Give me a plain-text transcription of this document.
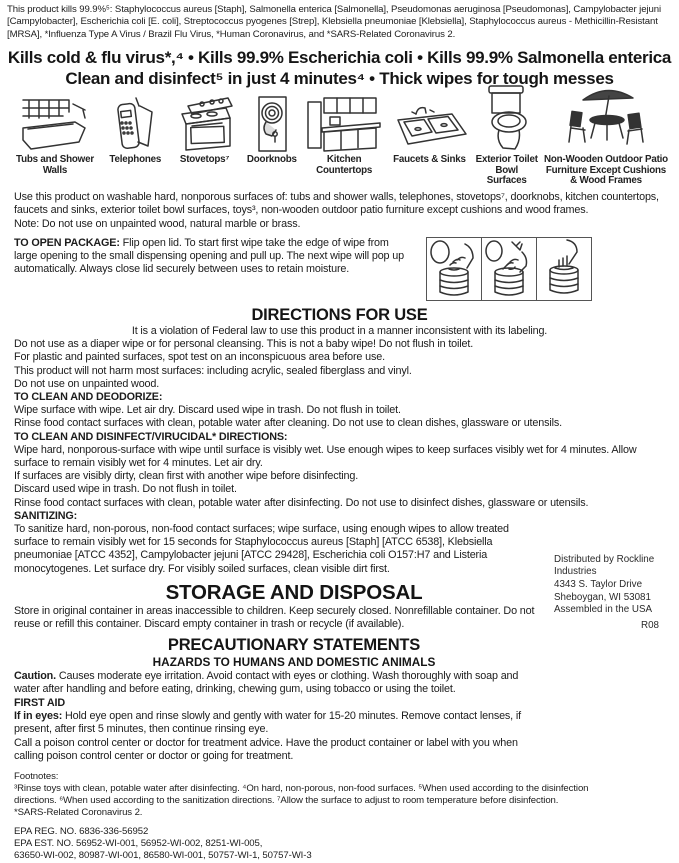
This product kills 99.9%⁵: Staphylococcus aureus [Staph], Salmonella enterica [Salmonella], Pseudomonas aeruginosa [Pseudomonas], Campylobacter jejuni [Campylobacter], Escherichia coli [E. coli], Streptococcus pyogenes [Strep], Klebsiella pneumoniae [Klebsiella], Staphylococcus aureus - Methicillin-Resistant [MRSA], *Influenza Type A Virus / Brazil Flu Virus, *Human Coronavirus, and *SARS-Related Coronavirus 2.
Kills cold & flu virus*,⁴ • Kills 99.9% Escherichia coli • Kills 99.9% Salmonella enterica
Clean and disinfect⁵ in just 4 minutes⁴ • Thick wipes for tough messes
Tubs and Shower Walls
Telephones Stovetops⁷ Doorknobs	Kitchen Countertops
Faucets & Sinks Exterior Toilet Bowl Surfaces
Non-Wooden Outdoor Patio Furniture Except Cushions & Wood Frames
Use this product on washable hard, nonporous surfaces of: tubs and shower walls, telephones, stovetops⁷, doorknobs, kitchen countertops, faucets and sinks, exterior toilet bowl surfaces, toys³, non-wooden outdoor patio furniture except cushions and wood frames.
Note: Do not use on unpainted wood, natural marble or brass.
TO OPEN PACKAGE: Flip open lid. To start first wipe take the edge of wipe from large opening to the small dispensing opening and pull up. The next wipe will pop up automatically. Always close lid securely between uses to retain moisture.
DIRECTIONS FOR USE
It is a violation of Federal law to use this product in a manner inconsistent with its labeling.
Do not use as a diaper wipe or for personal cleansing. This is not a baby wipe! Do not flush in toilet.
For plastic and painted surfaces, spot test on an inconspicuous area before use.
This product will not harm most surfaces: including acrylic, sealed fiberglass and vinyl.
Do not use on unpainted wood.
TO CLEAN AND DEODORIZE:
Wipe surface with wipe. Let air dry. Discard used wipe in trash. Do not flush in toilet.
Rinse food contact surfaces with clean, potable water after cleaning. Do not use to clean dishes, glassware or utensils.
TO CLEAN AND DISINFECT/VIRUCIDAL* DIRECTIONS:
Wipe hard, nonporous-surface with wipe until surface is visibly wet. Use enough wipes to keep surfaces visibly wet for 4 minutes. Allow surface to remain visibly wet for 4 minutes. Let air dry.
If surfaces are visibly dirty, clean first with another wipe before disinfecting.
Discard used wipe in trash. Do not flush in toilet.
Rinse food contact surfaces with clean, potable water after disinfecting. Do not use to disinfect dishes, glassware or utensils.
SANITIZING:
To sanitize hard, non-porous, non-food contact surfaces; wipe surface, using enough wipes to allow treated surface to remain visibly wet for 15 seconds for Staphylococcus aureus [Staph] [ATCC 6538], Klebsiella pneumoniae [ATCC 4352], Campylobacter jejuni [ATCC 29428], Escherichia coli O157:H7 and Listeria monocytogenes. Let surface dry. For visibly soiled surfaces, clean visible dirt first.
STORAGE AND DISPOSAL
Store in original container in areas inaccessible to children. Keep securely closed. Nonrefillable container. Do not reuse or refill this container. Discard empty container in trash or recycle (if available).
Distributed by Rockline Industries
4343 S. Taylor Drive
Sheboygan, WI 53081
Assembled in the USA
R08
PRECAUTIONARY STATEMENTS
HAZARDS TO HUMANS AND DOMESTIC ANIMALS
Caution. Causes moderate eye irritation. Avoid contact with eyes or clothing. Wash thoroughly with soap and water after handling and before eating, drinking, chewing gum, using tobacco or using the toilet.
FIRST AID
If in eyes: Hold eye open and rinse slowly and gently with water for 15-20 minutes. Remove contact lenses, if present, after first 5 minutes, then continue rinsing eye.
Call a poison control center or doctor for treatment advice. Have the product container or label with you when calling poison control center or doctor or going for treatment.
Footnotes:
³Rinse toys with clean, potable water after disinfecting. ⁴On hard, non-porous, non-food surfaces. ⁵When used according to the disinfection directions. ⁶When used according to the sanitization directions. ⁷Allow the surface to adjust to room temperature before disinfection.
*SARS-Related Coronavirus 2.
EPA REG. NO. 6836-336-56952
EPA EST. NO. 56952-WI-001, 56952-WI-002, 8251-WI-005,
63650-WI-002, 80987-WI-001, 86580-WI-001, 50757-WI-1, 50757-WI-3
